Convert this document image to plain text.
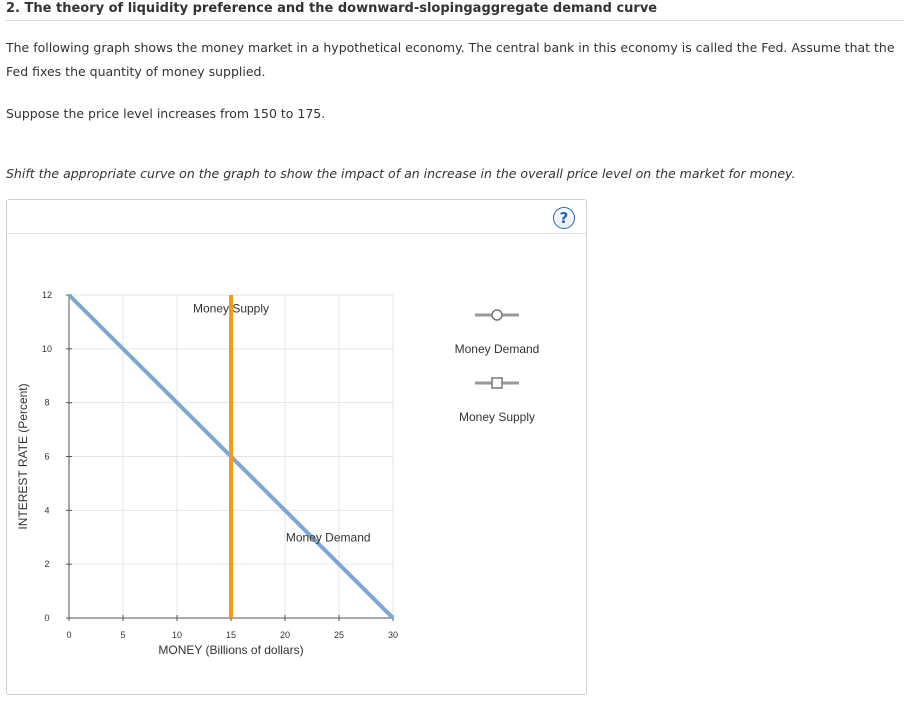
2. The theory of liquidity preference and the downward-slopingaggregate demand curve

The following graph shows the money market in a hypothetical economy. The central bank in this economy is called the Fed. Assume that the Fed fixes the quantity of money supplied.

Suppose the price level increases from 150 to 175.

Shift the appropriate curve on the graph to show the impact of an increase in the overall price level on the market for money.

?
0	5	10	15	20	25	30
0
2
4
6
8
10
12
MONEY (Billions of dollars)
INTEREST RATE (Percent)
Money Demand
Money Supply
Money Demand
Money Supply
